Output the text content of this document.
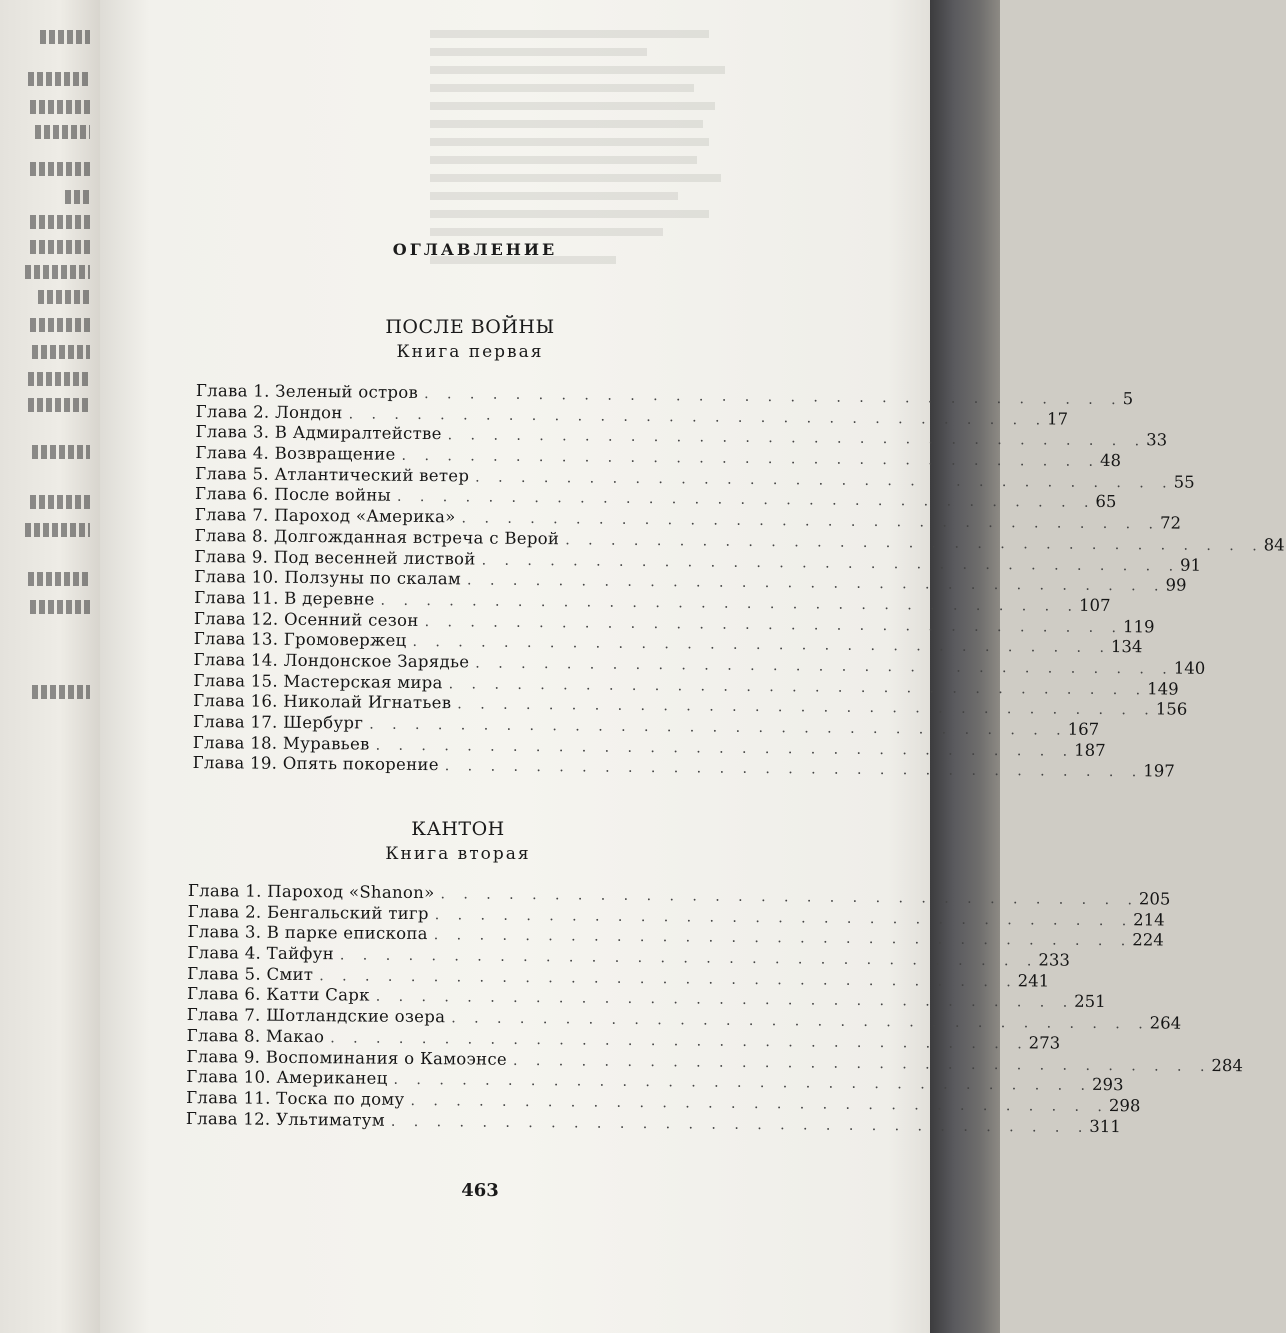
ОГЛАВЛЕНИЕ
ПОСЛЕ ВОЙНЫ
Книга первая
Глава 1. Зеленый остров . . . . . . . . . . . . . . . . . . . . . . . . . . . . . . . 5
Глава 2. Лондон . . . . . . . . . . . . . . . . . . . . . . . . . . . . . . . 17
Глава 3. В Адмиралтействе . . . . . . . . . . . . . . . . . . . . . . . . . . . . . . . 33
Глава 4. Возвращение . . . . . . . . . . . . . . . . . . . . . . . . . . . . . . . 48
Глава 5. Атлантический ветер . . . . . . . . . . . . . . . . . . . . . . . . . . . . . . . 55
Глава 6. После войны . . . . . . . . . . . . . . . . . . . . . . . . . . . . . . . 65
Глава 7. Пароход «Америка» . . . . . . . . . . . . . . . . . . . . . . . . . . . . . . . 72
Глава 8. Долгожданная встреча с Верой . . . . . . . . . . . . . . . . . . . . . . . . . . . . . . . 84
Глава 9. Под весенней листвой . . . . . . . . . . . . . . . . . . . . . . . . . . . . . . . 91
Глава 10. Ползуны по скалам . . . . . . . . . . . . . . . . . . . . . . . . . . . . . . . 99
Глава 11. В деревне . . . . . . . . . . . . . . . . . . . . . . . . . . . . . . . 107
Глава 12. Осенний сезон . . . . . . . . . . . . . . . . . . . . . . . . . . . . . . . 119
Глава 13. Громовержец . . . . . . . . . . . . . . . . . . . . . . . . . . . . . . . 134
Глава 14. Лондонское Зарядье . . . . . . . . . . . . . . . . . . . . . . . . . . . . . . . 140
Глава 15. Мастерская мира . . . . . . . . . . . . . . . . . . . . . . . . . . . . . . . 149
Глава 16. Николай Игнатьев . . . . . . . . . . . . . . . . . . . . . . . . . . . . . . . 156
Глава 17. Шербург . . . . . . . . . . . . . . . . . . . . . . . . . . . . . . . 167
Глава 18. Муравьев . . . . . . . . . . . . . . . . . . . . . . . . . . . . . . . 187
Глава 19. Опять покорение . . . . . . . . . . . . . . . . . . . . . . . . . . . . . . . 197
КАНТОН
Книга вторая
Глава 1. Пароход «Shanon» . . . . . . . . . . . . . . . . . . . . . . . . . . . . . . . 205
Глава 2. Бенгальский тигр . . . . . . . . . . . . . . . . . . . . . . . . . . . . . . . 214
Глава 3. В парке епископа . . . . . . . . . . . . . . . . . . . . . . . . . . . . . . . 224
Глава 4. Тайфун . . . . . . . . . . . . . . . . . . . . . . . . . . . . . . . 233
Глава 5. Смит . . . . . . . . . . . . . . . . . . . . . . . . . . . . . . . 241
Глава 6. Катти Сарк . . . . . . . . . . . . . . . . . . . . . . . . . . . . . . . 251
Глава 7. Шотландские озера . . . . . . . . . . . . . . . . . . . . . . . . . . . . . . . 264
Глава 8. Макао . . . . . . . . . . . . . . . . . . . . . . . . . . . . . . . 273
Глава 9. Воспоминания о Камоэнсе . . . . . . . . . . . . . . . . . . . . . . . . . . . . . . . 284
Глава 10. Американец . . . . . . . . . . . . . . . . . . . . . . . . . . . . . . . 293
Глава 11. Тоска по дому . . . . . . . . . . . . . . . . . . . . . . . . . . . . . . . 298
Глава 12. Ультиматум . . . . . . . . . . . . . . . . . . . . . . . . . . . . . . . 311
463
